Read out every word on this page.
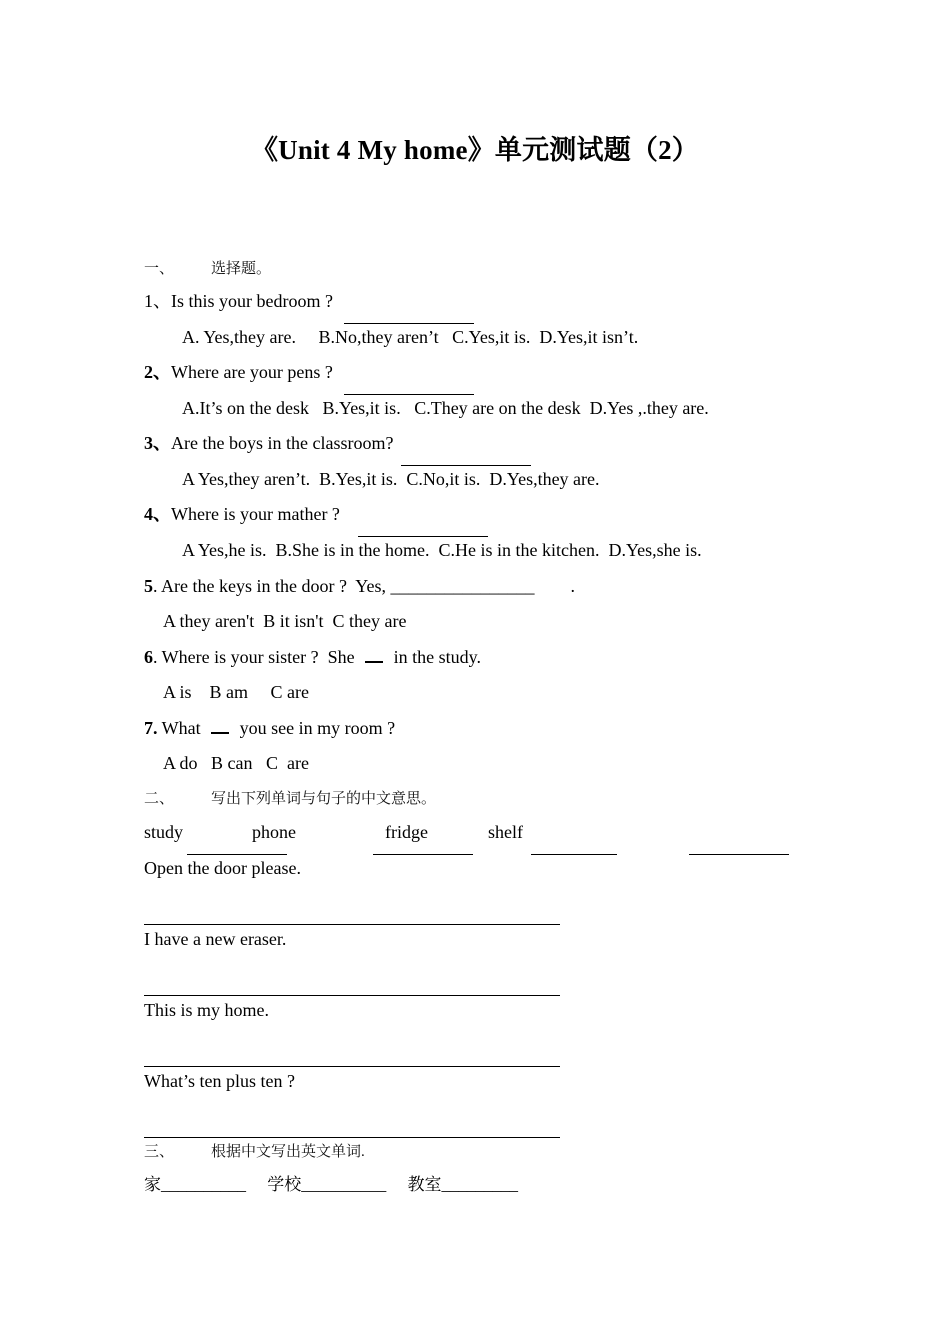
《Unit 4 My home》单元测试题（2）
一、 选择题。
1、Is this your bedroom ?
A. Yes,they are.     B.No,they aren’t   C.Yes,it is.  D.Yes,it isn’t.
2、Where are your pens ?
A.It’s on the desk   B.Yes,it is.   C.They are on the desk  D.Yes ,.they are.
3、Are the boys in the classroom?
A Yes,they aren’t.  B.Yes,it is.  C.No,it is.  D.Yes,they are.
4、Where is your mather ?
A Yes,he is.  B.She is in the home.  C.He is in the kitchen.  D.Yes,she is.
5. Are the keys in the door ?  Yes, ________________        .
A they aren't  B it isn't  C they are
6. Where is your sister ?  She  in the study.
A is    B am     C are
7. What  you see in my room ?
A do   B can   C  are
二、 写出下列单词与句子的中文意思。
study	phone	fridge	shelf
Open the door please.
I have a new eraser.
This is my home.
What’s ten plus ten ?
三、 根据中文写出英文单词.
家__________     学校__________     教室_________
